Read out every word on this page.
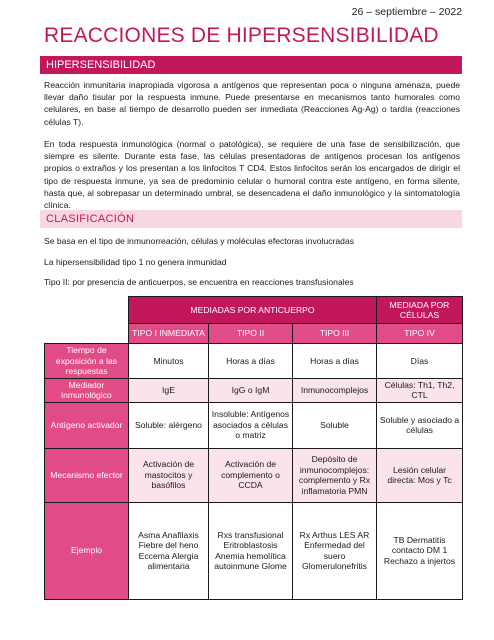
26 – septiembre – 2022
REACCIONES DE HIPERSENSIBILIDAD
HIPERSENSIBILIDAD

Reacción inmunitaria inapropiada vigorosa a antígenos que representan poca o ninguna amenaza, puede llevar daño tisular por la respuesta inmune. Puede presentarse en mecanismos tanto humorales como celulares, en base al tiempo de desarrollo pueden ser inmediata (Reacciones Ag-Ag) o tardía (reacciones células T).

En toda respuesta inmunológica (normal o patológica), se requiere de una fase de sensibilización, que siempre es silente. Durante esta fase, las células presentadoras de antígenos procesan los antígenos propios o extraños y los presentan a los linfocitos T CD4. Estos linfocitos serán los encargados de dirigir el tipo de respuesta inmune, ya sea de predominio celular o humoral contra este antígeno, en forma silente, hasta que, al sobrepasar un determinado umbral, se desencadena el daño inmunológico y la sintomatología clínica.

CLASIFICACIÓN

Se basa en el tipo de inmunorreación, células y moléculas efectoras involucradas

La hipersensibilidad tipo 1 no genera inmunidad

Tipo II: por presencia de anticuerpos, se encuentra en reacciones transfusionales

	MEDIADAS POR ANTICUERPO			MEDIADA POR CÉLULAS
	TIPO I INMEDIATA	TIPO II	TIPO III	TIPO IV
Tiempo de exposición a las respuestas	Minutos	Horas a días	Horas a días	Días
Mediador inmunológico	IgE	IgG o IgM	Inmunocomplejos	Células: Th1, Th2, CTL
Antígeno activador	Soluble: alérgeno	Insoluble: Antígenos asociados a células o matriz	Soluble	Soluble y asociado a células
Mecanismo efector	Activación de mastocitos y basófilos	Activación de complemento o CCDA	Depósito de inmunocomplejos: complemento y Rx inflamatoria PMN	Lesión celular directa: Mos y Tc
Ejemplo	Asma Anafilaxis Fiebre del heno Eccema Alergia alimentaria	Rxs transfusional Eritroblastosis Anemia hemolítica autoinmune Glome	Rx Arthus LES AR Enfermedad del suero Glomerulonefritis	TB Dermatitis contacto DM 1 Rechazo a injertos
